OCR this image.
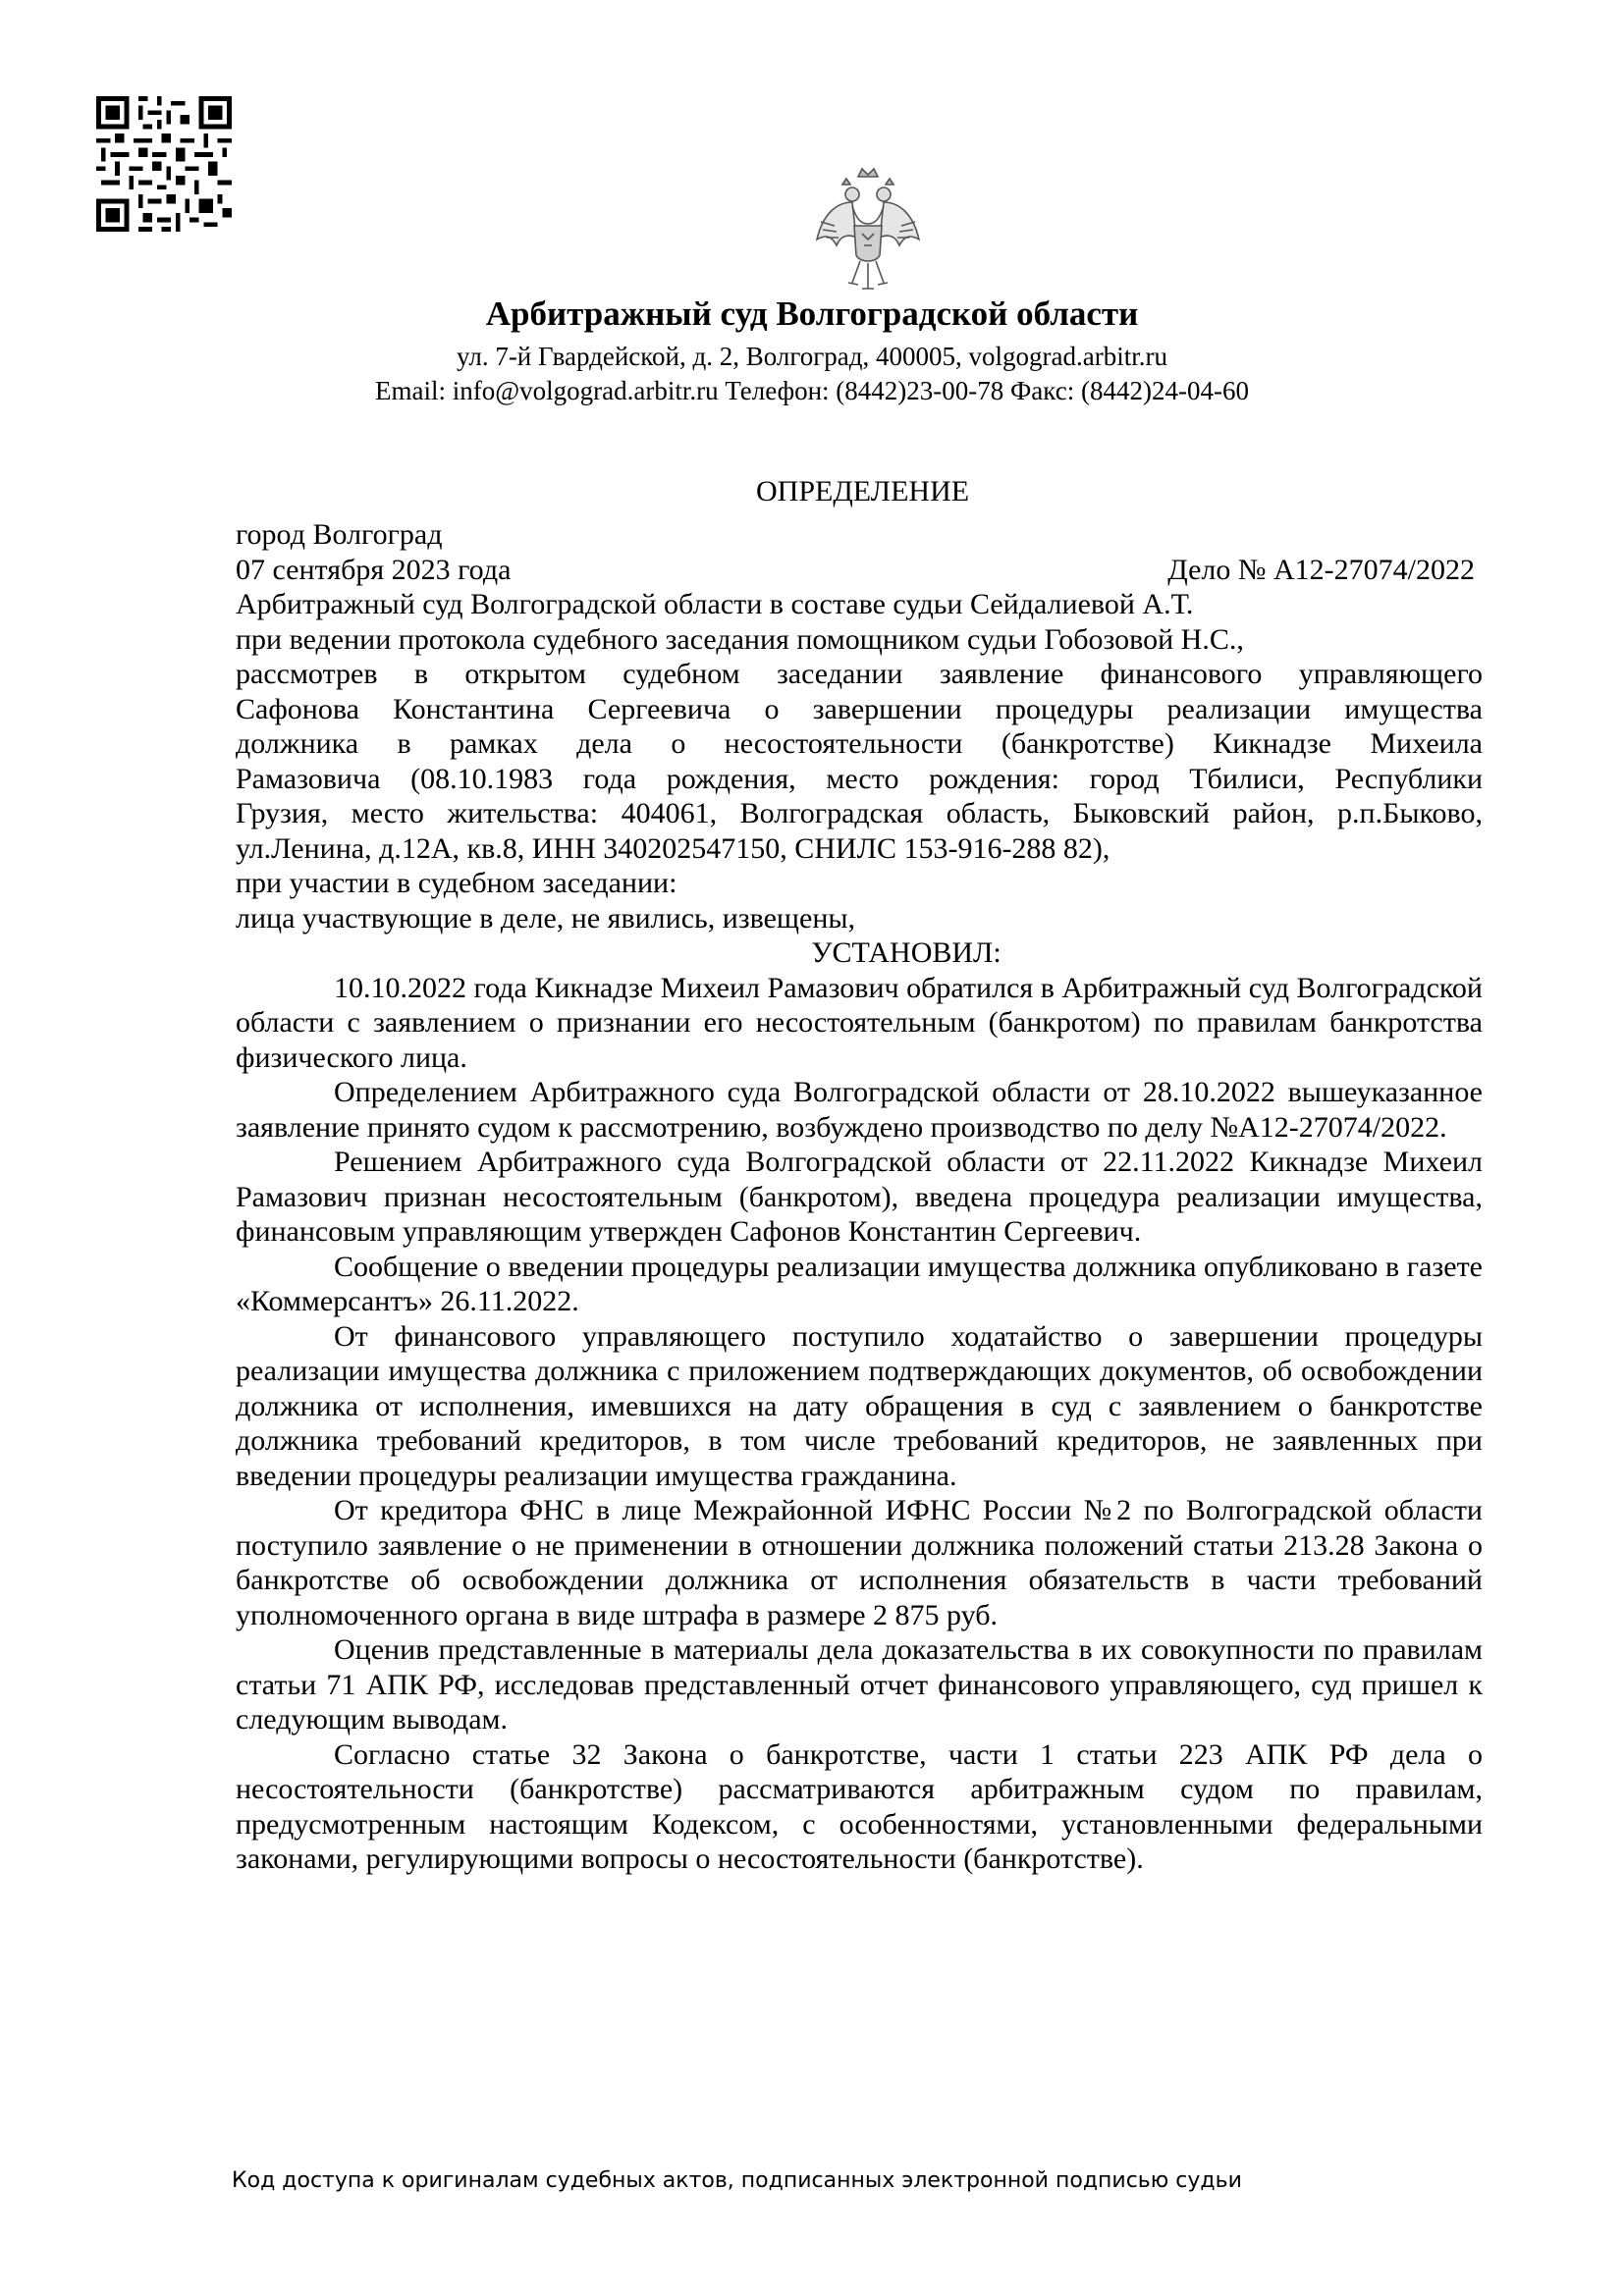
Арбитражный суд Волгоградской области
ул. 7-й Гвардейской, д. 2, Волгоград, 400005, volgograd.arbitr.ru
Email: info@volgograd.arbitr.ru Телефон: (8442)23-00-78 Факс: (8442)24-04-60
ОПРЕДЕЛЕНИЕ
город Волгоград
07 сентября 2023 года	Дело № А12-27074/2022
Арбитражный суд Волгоградской области в составе судьи Сейдалиевой А.Т.
при ведении протокола судебного заседания помощником судьи Гобозовой Н.С.,
рассмотрев в открытом судебном заседании заявление финансового управляющего
Сафонова Константина Сергеевича о завершении процедуры реализации имущества
должника в рамках дела о несостоятельности (банкротстве) Кикнадзе Михеила
Рамазовича (08.10.1983 года рождения, место рождения: город Тбилиси, Республики
Грузия, место жительства: 404061, Волгоградская область, Быковский район, р.п.Быково,
ул.Ленина, д.12А, кв.8, ИНН 340202547150, СНИЛС 153-916-288 82),
при участии в судебном заседании:
лица участвующие в деле, не явились, извещены,
УСТАНОВИЛ:

10.10.2022 года Кикнадзе Михеил Рамазович обратился в Арбитражный суд Волгоградской области с заявлением о признании его несостоятельным (банкротом) по правилам банкротства физического лица.

Определением Арбитражного суда Волгоградской области от 28.10.2022 вышеуказанное заявление принято судом к рассмотрению, возбуждено производство по делу №А12-27074/2022.

Решением Арбитражного суда Волгоградской области от 22.11.2022 Кикнадзе Михеил Рамазович признан несостоятельным (банкротом), введена процедура реализации имущества, финансовым управляющим утвержден Сафонов Константин Сергеевич.

Сообщение о введении процедуры реализации имущества должника опубликовано в газете «Коммерсантъ» 26.11.2022.

От финансового управляющего поступило ходатайство о завершении процедуры реализации имущества должника с приложением подтверждающих документов, об освобождении должника от исполнения, имевшихся на дату обращения в суд с заявлением о банкротстве должника требований кредиторов, в том числе требований кредиторов, не заявленных при введении процедуры реализации имущества гражданина.

От кредитора ФНС в лице Межрайонной ИФНС России №2 по Волгоградской области поступило заявление о не применении в отношении должника положений статьи 213.28 Закона о банкротстве об освобождении должника от исполнения обязательств в части требований уполномоченного органа в виде штрафа в размере 2 875 руб.

Оценив представленные в материалы дела доказательства в их совокупности по правилам статьи 71 АПК РФ, исследовав представленный отчет финансового управляющего, суд пришел к следующим выводам.

Согласно статье 32 Закона о банкротстве, части 1 статьи 223 АПК РФ дела о несостоятельности (банкротстве) рассматриваются арбитражным судом по правилам, предусмотренным настоящим Кодексом, с особенностями, установленными федеральными законами, регулирующими вопросы о несостоятельности (банкротстве).

Код доступа к оригиналам судебных актов, подписанных электронной подписью судьи
